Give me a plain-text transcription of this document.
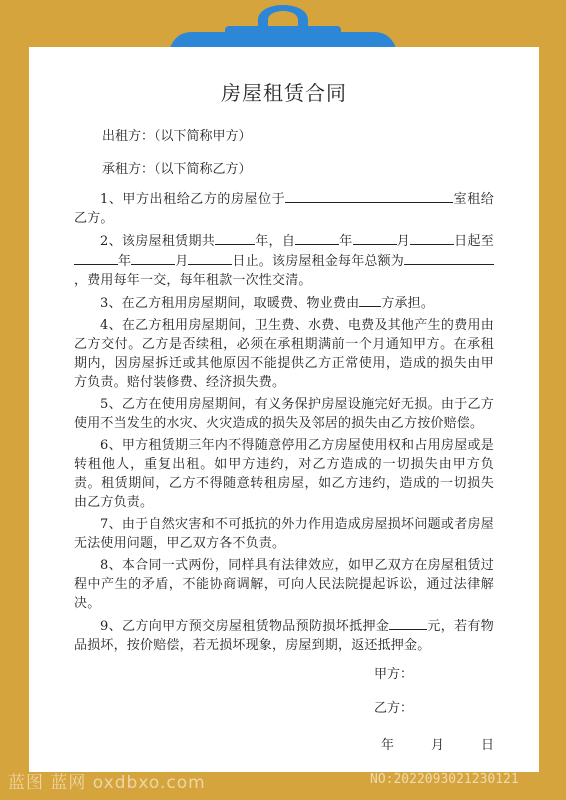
房屋租赁合同

出租方：（以下简称甲方）

承租方：（以下简称乙方）

1、甲方出租给乙方的房屋位于	室租给乙方。

2、该房屋租赁期共	年，自	年	月	日起至年	月	日止。该房屋租金每年总额为，费用每年一交，每年租款一次性交清。

3、在乙方租用房屋期间，取暖费、物业费由 方承担。

4、在乙方租用房屋期间，卫生费、水费、电费及其他产生的费用由乙方交付。乙方是否续租，必须在承租期满前一个月通知甲方。在承租期内，因房屋拆迁或其他原因不能提供乙方正常使用，造成的损失由甲方负责。赔付装修费、经济损失费。

5、乙方在使用房屋期间，有义务保护房屋设施完好无损。由于乙方使用不当发生的水灾、火灾造成的损失及邻居的损失由乙方按价赔偿。

6、甲方租赁期三年内不得随意停用乙方房屋使用权和占用房屋或是转租他人，重复出租。如甲方违约，对乙方造成的一切损失由甲方负责。租赁期间，乙方不得随意转租房屋，如乙方违约，造成的一切损失由乙方负责。

7、由于自然灾害和不可抵抗的外力作用造成房屋损坏问题或者房屋无法使用问题，甲乙双方各不负责。

8、本合同一式两份，同样具有法律效应，如甲乙双方在房屋租赁过程中产生的矛盾，不能协商调解，可向人民法院提起诉讼，通过法律解决。

9、乙方向甲方预交房屋租赁物品预防损坏抵押金	元，若有物品损坏，按价赔偿，若无损坏现象，房屋到期，返还抵押金。

甲方：

乙方：

年	月	日
蓝图 蓝网 oxdbxo.com	NO:20220930212301​21
